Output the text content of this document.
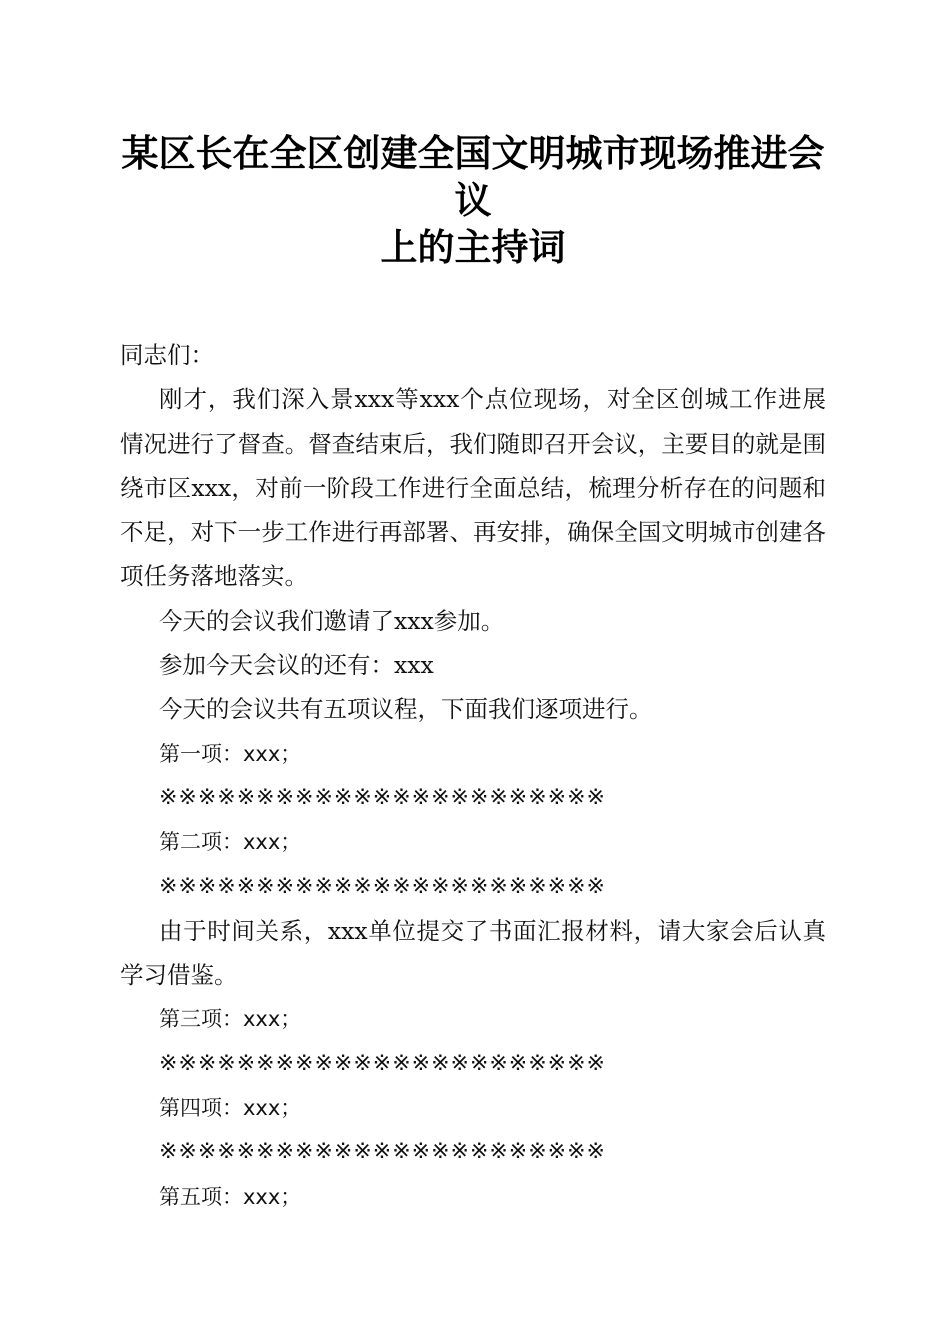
某区长在全区创建全国文明城市现场推进会议
上的主持词

同志们：

刚才，我们深入景xxx等xxx个点位现场，对全区创城工作进展情况进行了督查。督查结束后，我们随即召开会议，主要目的就是围绕市区xxx，对前一阶段工作进行全面总结，梳理分析存在的问题和不足，对下一步工作进行再部署、再安排，确保全国文明城市创建各项任务落地落实。

今天的会议我们邀请了xxx参加。

参加今天会议的还有：xxx

今天的会议共有五项议程，下面我们逐项进行。

第一项：xxx；

※※※※※※※※※※※※※※※※※※※※※※※

第二项：xxx；

※※※※※※※※※※※※※※※※※※※※※※※

由于时间关系，xxx单位提交了书面汇报材料，请大家会后认真学习借鉴。

第三项：xxx；

※※※※※※※※※※※※※※※※※※※※※※※

第四项：xxx；

※※※※※※※※※※※※※※※※※※※※※※※

第五项：xxx；
